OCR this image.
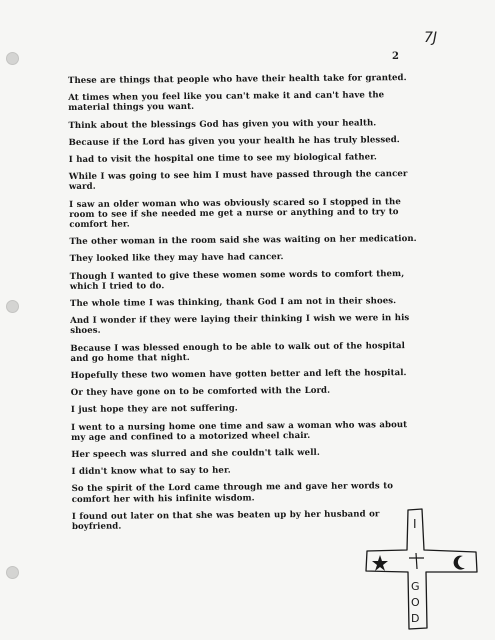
7J
2

These are things that people who have their health take for granted.

At times when you feel like you can't make it and can't have the material things you want.

Think about the blessings God has given you with your health.

Because if the Lord has given you your health he has truly blessed.

I had to visit the hospital one time to see my biological father.

While I was going to see him I must have passed through the cancer ward.

I saw an older woman who was obviously scared so I stopped in the room to see if she needed me get a nurse or anything and to try to comfort her.

The other woman in the room said she was waiting on her medication.

They looked like they may have had cancer.

Though I wanted to give these women some words to comfort them, which I tried to do.

The whole time I was thinking, thank God I am not in their shoes.

And I wonder if they were laying their thinking I wish we were in his shoes.

Because I was blessed enough to be able to walk out of the hospital and go home that night.

Hopefully these two women have gotten better and left the hospital.

Or they have gone on to be comforted with the Lord.

I just hope they are not suffering.

I went to a nursing home one time and saw a woman who was about my age and confined to a motorized wheel chair.

Her speech was slurred and she couldn't talk well.

I didn't know what to say to her.

So the spirit of the Lord came through me and gave her words to comfort her with his infinite wisdom.

I found out later on that she was beaten up by her husband or boyfriend.	I
G
O
D
